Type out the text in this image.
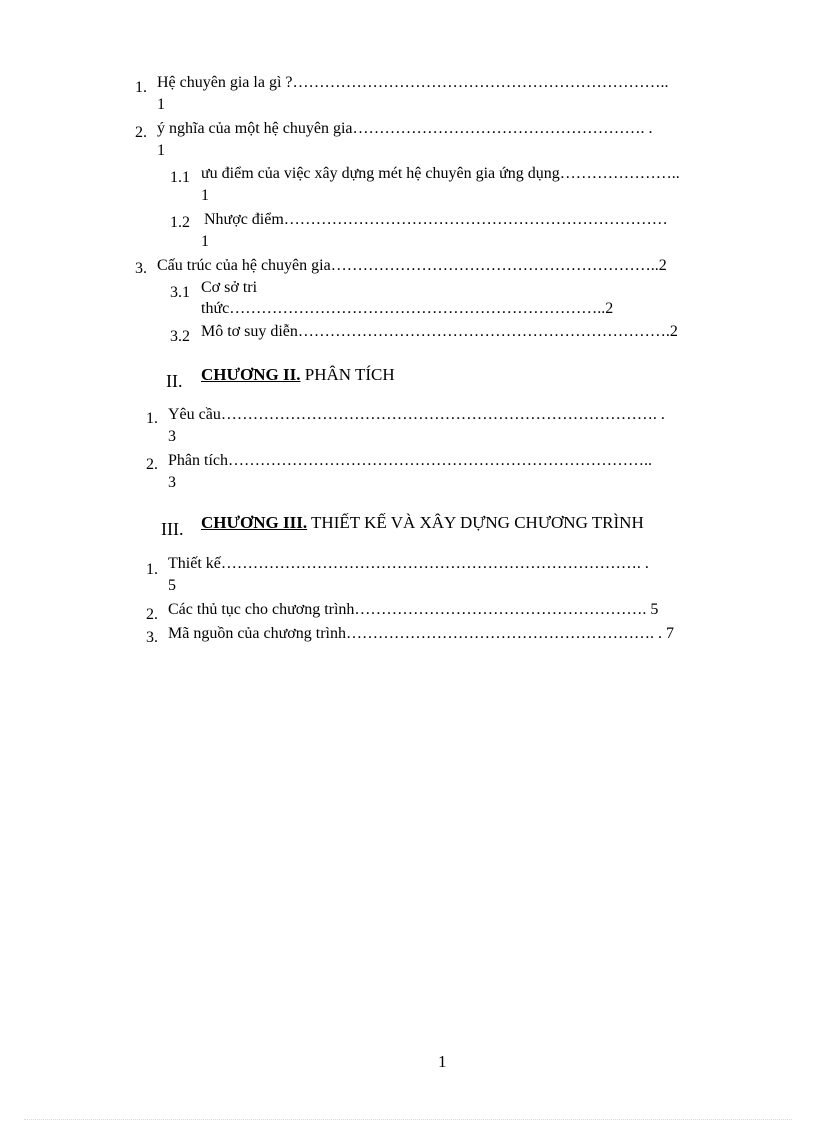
1. Hệ chuyên gia la gì ?……………………………………………………………..
1
2. ý nghĩa của một hệ chuyên gia………………………………………………. .
1
1.1 ưu điểm của việc xây dựng mét hệ chuyên gia ứng dụng…………………..
1
1.2 Nhược điểm………………………………………………………………
1
3. Cấu trúc của hệ chuyên gia……………………………………………………..2
3.1 Cơ sở tri
thức……………………………………………………………..2
3.2 Mô tơ suy diễn…………………………………………………………….2
II. CHƯƠNG II. PHÂN TÍCH
1. Yêu cầu………………………………………………………………………. .
3
2. Phân tích……………………………………………………………………..
3
III. CHƯƠNG III. THIẾT KẾ VÀ XÂY DỰNG CHƯƠNG TRÌNH
1. Thiết kế……………………………………………………………………. .
5
2. Các thủ tục cho chương trình………………………………………………. 5
3. Mã nguồn của chương trình…………………………………………………. . 7
1
